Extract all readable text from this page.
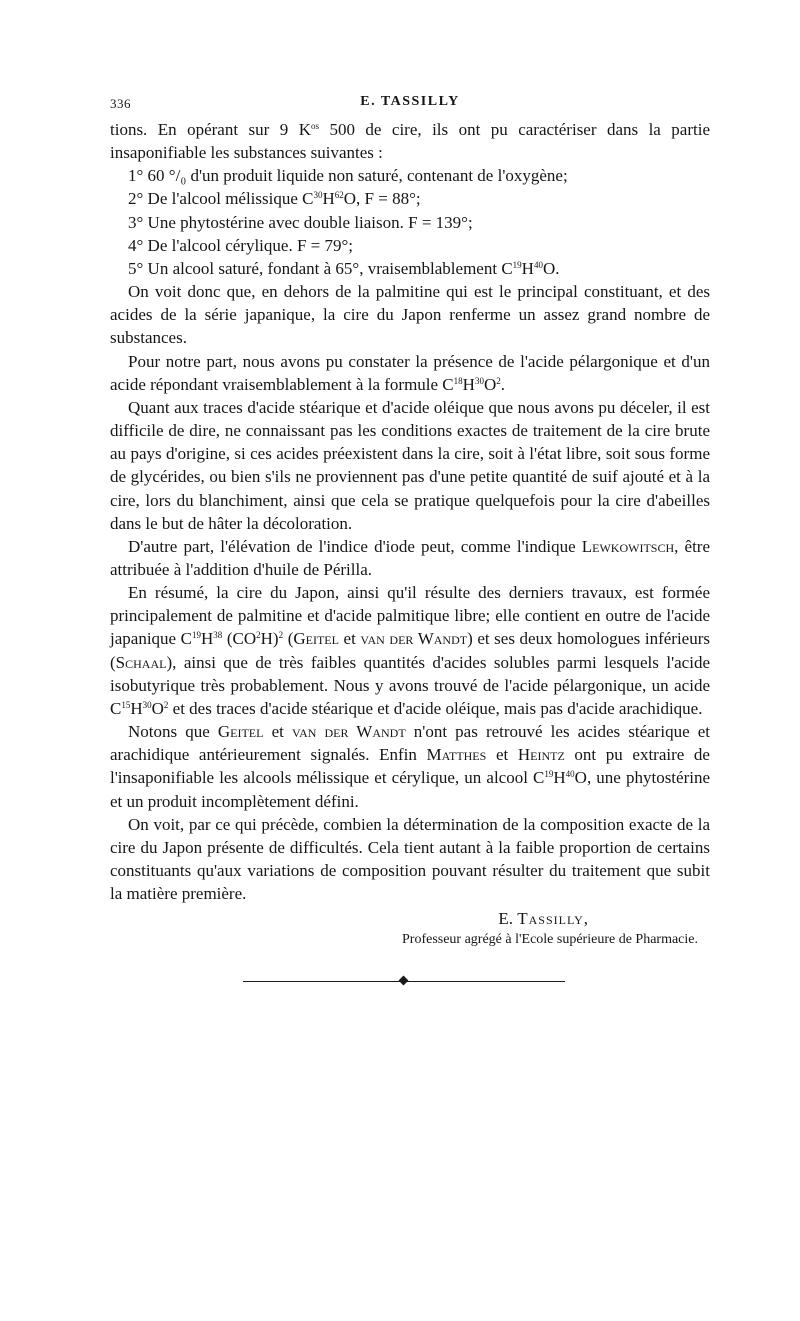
336	E. TASSILLY

tions. En opérant sur 9 $K^{os}$ 500 de cire, ils ont pu caractériser dans la partie insaponifiable les substances suivantes :

1° 60 °/₀ d'un produit liquide non saturé, contenant de l'oxygène;

2° De l'alcool mélissique $C^{30}H^{62}O$, F = 88°;

3° Une phytostérine avec double liaison. F = 139°;

4° De l'alcool cérylique. F = 79°;

5° Un alcool saturé, fondant à 65°, vraisemblablement $C^{19}H^{40}O$.

On voit donc que, en dehors de la palmitine qui est le principal constituant, et des acides de la série japanique, la cire du Japon renferme un assez grand nombre de substances.

Pour notre part, nous avons pu constater la présence de l'acide pélargonique et d'un acide répondant vraisemblablement à la formule $C^{18}H^{30}O^2$.

Quant aux traces d'acide stéarique et d'acide oléique que nous avons pu déceler, il est difficile de dire, ne connaissant pas les conditions exactes de traitement de la cire brute au pays d'origine, si ces acides préexistent dans la cire, soit à l'état libre, soit sous forme de glycérides, ou bien s'ils ne proviennent pas d'une petite quantité de suif ajouté et à la cire, lors du blanchiment, ainsi que cela se pratique quelquefois pour la cire d'abeilles dans le but de hâter la décoloration.

D'autre part, l'élévation de l'indice d'iode peut, comme l'indique Lewkowitsch, être attribuée à l'addition d'huile de Périlla.

En résumé, la cire du Japon, ainsi qu'il résulte des derniers travaux, est formée principalement de palmitine et d'acide palmitique libre; elle contient en outre de l'acide japanique $C^{19}H^{38}$ $(CO^2H)^2$ (Geitel et van der Wandt) et ses deux homologues inférieurs (Schaal), ainsi que de très faibles quantités d'acides solubles parmi lesquels l'acide isobutyrique très probablement. Nous y avons trouvé de l'acide pélargonique, un acide $C^{15}H^{30}O^2$ et des traces d'acide stéarique et d'acide oléique, mais pas d'acide arachidique.

Notons que Geitel et van der Wandt n'ont pas retrouvé les acides stéarique et arachidique antérieurement signalés. Enfin Matthes et Heintz ont pu extraire de l'insaponifiable les alcools mélissique et cérylique, un alcool $C^{19}H^{40}O$, une phytostérine et un produit incomplètement défini.

On voit, par ce qui précède, combien la détermination de la composition exacte de la cire du Japon présente de difficultés. Cela tient autant à la faible proportion de certains constituants qu'aux variations de composition pouvant résulter du traitement que subit la matière première.

E. Tassilly,
Professeur agrégé à l'Ecole supérieure de Pharmacie.
